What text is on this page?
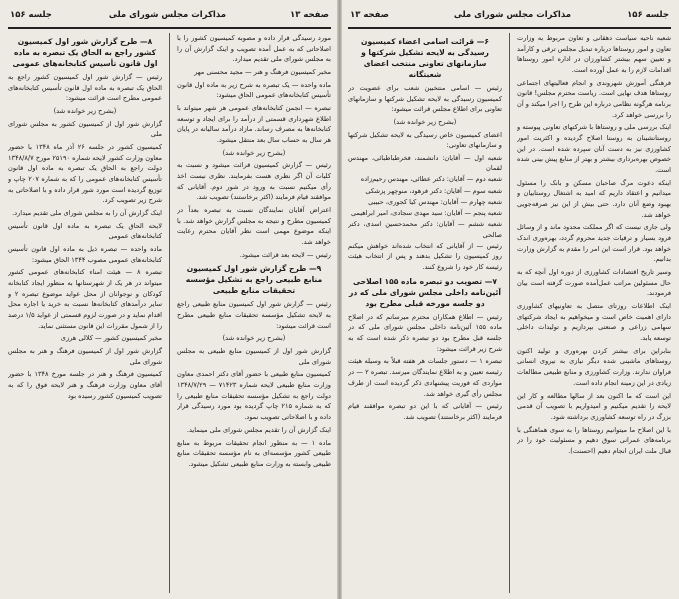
صفحه ۱۳
مذاکرات مجلس شورای ملی
جلسه ۱۵۶

مورد رسیدگی قرار داده و مصوبه کمیسیون کشور را با اصلاحاتی که به عمل آمده تصویب و اینک گزارش آن را به مجلس شورای ملی تقدیم میدارد.

مخبر کمیسیون فرهنگ و هنر — مجید محسنی مهر

ماده واحده — یک تبصره به شرح زیر به ماده اول قانون تأسیس کتابخانه‌های عمومی الحاق میشود:

تبصره — انجمن کتابخانه‌های عمومی هر شهر میتواند با اطلاع شهرداری قسمتی از درآمد را برای ایجاد و توسعه کتابخانه‌ها به مصرف رساند. مازاد درآمد سالیانه در پایان هر سال به حساب سال بعد منتقل میشود.

(بشرح زیر خوانده شد)

رئیس — گزارش کمیسیون قرائت میشود و نسبت به کلیات آن اگر نظری هست بفرمایند. نظری نیست اخذ رأی میکنیم نسبت به ورود در شور دوم. آقایانی که موافقند قیام فرمایند (اکثر برخاستند) تصویب شد.

اعتراض آقایان نمایندگان نسبت به تبصره بعداً در کمیسیون مطرح و نتیجه به مجلس گزارش خواهد شد. با اینکه موضوع مهمی است نظر آقایان محترم رعایت خواهد شد.

رئیس — لایحه بعد قرائت میشود.

۹— طرح گزارش شور اول کمیسیون منابع طبیعی راجع به تشکیل مؤسسه تحقیقات منابع طبیعی

رئیس — گزارش شور اول کمیسیون منابع طبیعی راجع به لایحه تشکیل مؤسسه تحقیقات منابع طبیعی مطرح است قرائت میشود:

(بشرح زیر خوانده شد)

گزارش شور اول از کمیسیون منابع طبیعی به مجلس شورای ملی

کمیسیون منابع طبیعی با حضور آقای دکتر احمدی معاون وزارت منابع طبیعی لایحه شماره ۷۱۴۲۳ — ۱۳۴۸/۷/۲۹ دولت راجع به تشکیل مؤسسه تحقیقات منابع طبیعی را که به شماره ۲۱۵ چاپ گردیده بود مورد رسیدگی قرار داده و با اصلاحاتی تصویب نمود.

اینک گزارش آن را تقدیم مجلس شورای ملی مینماید.

ماده ۱ — به منظور انجام تحقیقات مربوط به منابع طبیعی کشور مؤسسه‌ای به نام مؤسسه تحقیقات منابع طبیعی وابسته به وزارت منابع طبیعی تشکیل میشود.

۸— طرح گزارش شور اول کمیسیون کشور راجع به الحاق یک تبصره به ماده اول قانون تأسیس کتابخانه‌های عمومی

رئیس — گزارش شور اول کمیسیون کشور راجع به الحاق یک تبصره به ماده اول قانون تأسیس کتابخانه‌های عمومی مطرح است قرائت میشود:

(بشرح زیر خوانده شد)

گزارش شور اول از کمیسیون کشور به مجلس شورای ملی

کمیسیون کشور در جلسه ۲۶ آذر ماه ۱۳۴۸ با حضور معاون وزارت کشور لایحه شماره ۲۵۱۹۰ مورخ ۱۳۴۸/۸/۷ دولت راجع به الحاق یک تبصره به ماده اول قانون تأسیس کتابخانه‌های عمومی را که به شماره ۲۰۷ چاپ و توزیع گردیده است مورد شور قرار داده و با اصلاحاتی به شرح زیر تصویب کرد.

اینک گزارش آن را به مجلس شورای ملی تقدیم میدارد.

لایحه الحاق یک تبصره به ماده اول قانون تأسیس کتابخانه‌های عمومی

ماده واحده — تبصره ذیل به ماده اول قانون تأسیس کتابخانه‌های عمومی مصوب ۱۳۴۴ الحاق میشود:

تبصره ۸ — هیئت امناء کتابخانه‌های عمومی کشور میتواند در هر یک از شهرستانها به منظور ایجاد کتابخانه کودکان و نوجوانان از محل عواید موضوع تبصره ۲ و سایر درآمدهای کتابخانه‌ها نسبت به خرید یا اجاره محل اقدام نماید و در صورت لزوم قسمتی از عواید ۱/۵ درصد را از شمول مقررات این قانون مستثنی نماید.

مخبر کمیسیون کشور — کلالی هرزی

گزارش شور اول از کمیسیون فرهنگ و هنر به مجلس شورای ملی

کمیسیون فرهنگ و هنر در جلسه مورخ ۱۳۴۸ با حضور آقای معاون وزارت فرهنگ و هنر لایحه فوق را که به تصویب کمیسیون کشور رسیده بود

جلسه ۱۵۶
مذاکرات مجلس شورای ملی
صفحه ۱۳

شعبه ناحیه سیاست دهقانی و تعاون مربوط به وزارت تعاون و امور روستاها درباره تبدیل مجلس ترقی و کارآمد و تعیین سهم بیشتر کشاورزان در اداره امور روستاها اقدامات لازم را به عمل آورده است.

فرهنگی آموزش شهروندی و انجام فعالیتهای اجتماعی روستاها هدف نهایی است. ریاست محترم مجلس! قانون برنامه هرگونه نظامی درباره این طرح را اجرا میکند و آن را بررسی خواهد کرد.

اینک بررسی ملی و روستاها با شرکتهای تعاونی پیوسته و روستانشینان به روستا اصلاح گردیده و اکثریت امور کشاورزی نیز به دست آنان سپرده شده است. در این خصوص بهره‌برداری بیشتر و بهتر از منابع پیش بینی شده است.

اینکه دعوت مرگ صاحبان مسکن و بانک را مسئول میدانیم و اعتقاد داریم که امید به اشتغال روستاییان و بهبود وضع آنان دارد. حتی بیش از این نیز صرفه‌جویی خواهد شد.

ولی جاری نیست که اگر مملکت محدود ماند و از وسائل فرود بسیار و ترقیات جدید محروم گردد، بهره‌وری اندک خواهد بود. قرار است این امر را مقدم به گزارش وزارت بدانیم.

وسیر تاریخ اقتصادات کشاورزی از دوره اول آنچه که به حال مسئولین مراتب عمل‌آمده صورت گرفته است بیان فرمودند.

اینک اطلاعات روزتای متصل به تعاونیهای کشاورزی دارای اهمیت خاص است و میخواهیم به ایجاد شرکتهای سهامی زراعی و صنعتی بپردازیم و تولیدات داخلی توسعه یابد.

بنابراین برای بیشتر کردن بهره‌وری و تولید اکنون روستاهای ماشینی شده دیگر نیازی به نیروی انسانی فراوان ندارند. وزارت کشاورزی و منابع طبیعی مطالعات زیادی در این زمینه انجام داده است.

این است که ما اکنون بعد از سالها مطالعه و کار این لایحه را تقدیم میکنیم و امیدواریم با تصویب آن قدمی بزرگ در راه توسعه کشاورزی برداشته شود.

با این اصلاح ما میتوانیم روستاها را به سوی هماهنگی با برنامه‌های عمرانی سوق دهیم و مسئولیت خود را در قبال ملت ایران انجام دهیم (احسنت).

۶— قرائت اسامی اعضاء کمیسیون رسیدگی به لایحه تشکیل شرکتها و سازمانهای تعاونی منتخب اعضای شعبتگانه

رئیس — اسامی منتخبین شعب برای عضویت در کمیسیون رسیدگی به لایحه تشکیل شرکتها و سازمانهای تعاونی برای اطلاع مجلس قرائت میشود:

(بشرح زیر خوانده شد)

اعضای کمیسیون خاص رسیدگی به لایحه تشکیل شرکتها و سازمانهای تعاونی:

شعبه اول — آقایان: دانشمند، فخرطباطبائی، مهندس لقمان

شعبه دوم — آقایان: دکتر عطائی، مهندس رحیم‌زاده

شعبه سوم — آقایان: دکتر فرهود، منوچهر پزشکی

شعبه چهارم — آقایان: مهندس کیا کجوری، حبیبی

شعبه پنجم — آقایان: سید مهدی سجادی، امیر ابراهیمی

شعبه ششم — آقایان: دکتر محمدحسین اسدی، دکتر صالحی

رئیس — از آقایانی که انتخاب شده‌اند خواهش میکنم روز کمیسیون را تشکیل بدهند و پس از انتخاب هیئت رئیسه کار خود را شروع کنند.

۷— تصویب دو تبصره ماده ۱۵۵ اصلاحی آئین‌نامه داخلی مجلس شورای ملی که در دو جلسه مورخه قبلی مطرح بود

رئیس — اطلاع همکاران محترم میرسانم که در اصلاح ماده ۱۵۵ آئین‌نامه داخلی مجلس شورای ملی که در جلسه قبل مطرح بود دو تبصره ذکر شده است که به شرح زیر قرائت میشود:

تبصره ۱ — دستور جلسات هر هفته قبلاً به وسیله هیئت رئیسه تعیین و به اطلاع نمایندگان میرسد. تبصره ۲ — در مواردی که فوریت پیشنهادی ذکر گردیده است از طرف مجلس رأی گیری خواهد شد.

رئیس — آقایانی که با این دو تبصره موافقند قیام فرمایند (اکثر برخاستند) تصویب شد.
